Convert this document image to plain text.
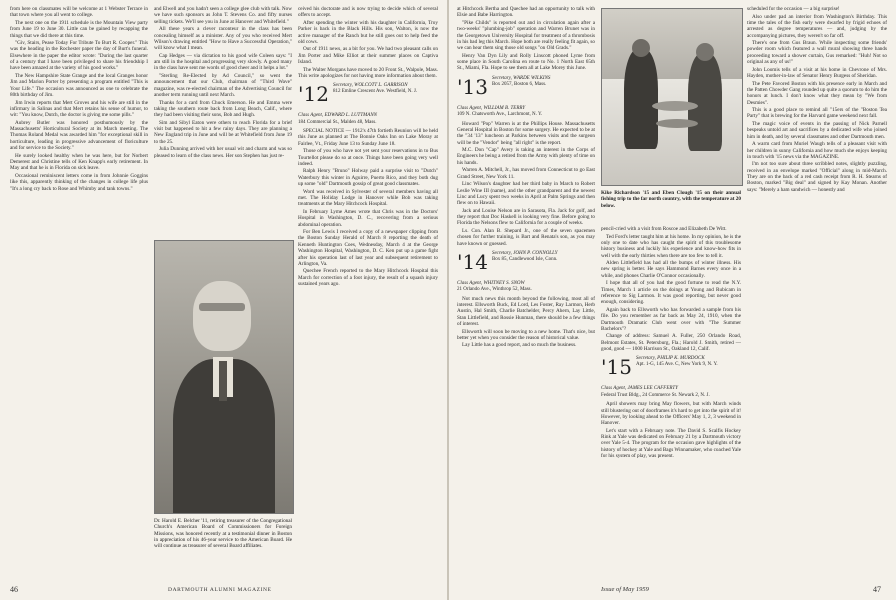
from here on classmates will be welcome at 1 Webster Terrace in that town where you all went to college.

The next one on the 1911 schedule is the Mountain View party from June 19 to June 30. Little can be gained by recapping the things that we did there at this time.

"Giv, Stairs, Pease Today For Tribute To Burt R. Cooper." This was the heading in the Rochester paper the day of Burt's funeral. Elsewhere in the paper the editor wrote: "During the last quarter of a century that I have been privileged to share his friendship I have been amazed at the variety of his good works."

The New Hampshire State Grange and the local Granges honor Jim and Marion Porter by presenting a program entitled "This is Your Life." The occasion was announced as one to celebrate the 80th birthday of Jim.

Jim Irwin reports that Mert Groves and his wife are still in the infirmary in Salinas and that Mert retains his sense of humor, to wit: "You know, Dutch, the doctor is giving me some pills."

Aubrey Butler was honored posthumously by the Massachusetts' Horticultural Society at its March meeting. The Thomas Roland Medal was awarded him "for exceptional skill in horticulture, leading in progressive advancement of floriculture and for service to the Society."

He surely looked healthy when he was here, but for Norbert Demerest and Christine tells of Ken Knapp's early retirement. In May and that he is in Florida on sick leave.

Occasional reminiscent letters come in from Johnnie Goggins like this, apparently thinking of the changes in college life plus "It's a long cry back to Rose and Whimby and tank towns."

and Elwell and you hadn't seen a college glee club with talk. Now we have such sponsors as John T. Stevens Co. and fifty nurses selling tickets. We'll see you in June at Hanover and Whitefield."

All these years a clever raconteur in the class has been concealing himself as a minister. Any of you who received Mert Wilson's drawing entitled "How to Have a Successful Operation," will know what I mean.

Cap Hedges — via dictation to his good wife Coleen says: "I am still in the hospital and progressing very slowly. A good many in the class have sent me words of good cheer and it helps a lot."

"Sterling Re-Elected by Ad Council," so went the announcement that our Club, chairman of "Third Wave" magazine, was re-elected chairman of the Advertising Council for another term running until next March.

Thanks for a card from Chuck Emerson. He and Emma were taking the southern route back from Long Beach, Calif., where they had been visiting their sons, Bob and Hugh.

Sim and Sibyl Eaton were others to reach Florida for a brief visit but happened to hit a few rainy days. They are planning a New England trip in June and will be at Whitefield from June 19 to the 25.

Julia Dunning arrived with her usual wit and charm and was so pleased to learn of the class news. Her son Stephen has just re-

Dr. Harold E. Belcher '11, retiring treasurer of the Congregational Church's American Board of Commissioners for Foreign Missions, was honored recently at a testimonial dinner in Boston in appreciation of his 46-year service to the American Board. He will continue as treasurer of several Board affiliates.

ceived his doctorate and is now trying to decide which of several offers to accept.

After spending the winter with his daughter in California, Troy Parker is back in the Black Hills. His son, Walton, is now the active manager of the Ranch but he still goes out to help feed the old cows.

Out of 1911 news, as a bit for you. We had two pleasant calls on Jim Porter and Mike Elliot at their summer places on Captiva Island.

The Walter Morgans have moved to 20 Front St., Walpole, Mass. This write apologizes for not having more information about them.

'12 Secretary, WOLCOTT L. GARRISON
812 Emline Crescent Ave. Westfield, N. J.
Class Agent, EDWARD L. LUTTMANN
184 Commercial St., Malden 48, Mass.

SPECIAL NOTICE — 1912's 47th fortieth Reunion will be held this June as planned at The Bonnie Oaks Inn on Lake Moray at Fairlee, Vt., Friday June 13 to Sunday June 18.

Those of you who have not yet sent your reservations in to Bus Tourtellot please do so at once. Things have been going very well indeed.

Ralph Henry "Bruno" Holway paid a surprise visit to "Dutch" Waterbury this winter in Aguirre, Puerto Rico, and they both dug up some "old" Dartmouth gossip of great good classmates.

Word was received in Sylvester of several members having all met. The Holiday Lodge in Hanover while Bob was taking treatments at the Mary Hitchcock Hospital.

In February Lyme Ames wrote that Chris was in the Doctors' Hospital in Washington, D. C., recovering from a serious abdominal operation.

For Ben Lewis I received a copy of a newspaper clipping from the Boston Sunday Herald of March 8 reporting the death of Kenneth Huntington Coes, Wednesday, March 4 at the George Washington Hospital, Washington, D. C. Ken put up a game fight after his operation last of last year and subsequent retirement to Arlington, Va.

Quechee French reported to the Mary Hitchcock Hospital this March for correction of a foot injury, the result of a squash injury sustained years ago.

46	DARTMOUTH ALUMNI MAGAZINE

at Hitchcock Bertha and Quechee had an opportunity to talk with Elsie and Babe Harrington.

"Pike Childs" is reported out and in circulation again after a two-weeks' "plumbing-job" operation and Warren Brunet was in the Georgetown University Hospital for treatment of a thrombosis in his bad leg this March. Hope both are really feeling fit again, so we can hear them sing those old songs "on Old Grads."

Henry Van Dyn Lily and Rolly Linscott phoned Lyme from some place in South Carolina en route to No. 1 North East 65th St., Miami, Fla. Hope to see them all at Lake Morey this June.

'13 Secretary, WARDE WILKINS
Box 2057, Boston 6, Mass.
Class Agent, WILLIAM B. TERRY
109 N. Chatsworth Ave., Larchmont, N. Y.

Howard "Pop" Warren is at the Phillips House. Massachusetts General Hospital in Boston for some surgery. He expected to be at the "34 '13" luncheon at Parkins between visits and the surgeon will be the "Vendor" being "all right" is the report.

M.C. Don "Cap" Avery is taking an interest in the Corps of Engineers he being a retired from the Army with plenty of time on his hands.

Warren A. Mitchell, Jr., has moved from Connecticut to go East Grand Street, New York 11.

Linc Wilson's daughter had her third baby in March to Robert Leslie Wine III (name), and the other grandparent and the newest Linc and Lucy spent two weeks in April at Palm Springs and then flew on to Hawaii.

Jack and Louise Nelson are in Sarasota, Fla. Jack for golf, and they report that Doc Haskell is looking very fine. Before going to Florida the Nelsons flew to California for a couple of weeks.

Ls. Con. Alan B. Shepard Jr., one of the seven spacemen chosen for further training, is Bart and Renata's son, as you may have known or guessed.

'14 Secretary, JOHN P. CONNOLLY
Box 85, Candlewood Isle, Conn.
Class Agent, WHITNEY S. SNOW
21 Orlando Ave., Winthrop 52, Mass.

Not much news this month beyond the following, most all of interest. Ellsworth Buck, Ed Lord, Les Foster, Ray Larmon, Herb Austin, Hal Smith, Charlie Batchelder, Percy Ahern, Lay Little, Stan Littlefield, and Rossie Hunman, there should be a few things of interest.

Ellsworth will soon be moving to a new home. That's nice, but better yet when you consider the reason of historical value.

Lay Little has a good report, and so much the business.

Kike Richardson '15 and Eben Clough '15 on their annual fishing trip to the far north country, with the temperature at 20 below.

pencil-cried with a visit from Roscoe and Elizabeth De Witt.

Ted Ford's letter taught him at his home. In my opinion, he is the only one to date who has caught the spirit of this troublesome history business and luckily his experience and know-how fits in well with the early thirties when there are too few to tell it.

Alden Littlefield has had all the bumps of winter illness. His new spring is better. He says Hammond Barnes every once in a while, and phones Charlie O'Connor occasionally.

I hope that all of you had the good fortune to read the N.Y. Times, March 1 article on the doings at Young and Rubicam in reference to Sig Larmon. It was good reporting, but never good enough, considering.

Again back to Ellsworth who has forwarded a sample from his file. Do you remember as far back as May 24, 1910, when the Dartmouth Dramatic Club went over with "The Summer Bachelors"?

Change of address: Samuel A. Fuller, 250 Orlando Road, Belmont Estates, St. Petersburg, Fla.; Harold J. Smith, retired — good, good — 1000 Harrison St., Oakland 12, Calif.

'15 Secretary, PHILIP K. MURDOCK
Apt. 1-G, 145 Ave. C, New York 9, N. Y.
Class Agent, JAMES LEE CAFFERTY
Federal Trust Bldg., 24 Commerce St. Newark 2, N. J.

April showers may bring May flowers, but with March winds still blustering out of doorframes it's hard to get into the spirit of it! However, by looking ahead to the Officers' May 1, 2, 3 weekend in Hanover.

Let's start with a February note. The David S. Scalfis Hockey Rink at Yale was dedicated on February 21 by a Dartmouth victory over Yale 5-4. The program for the occasion gave highlights of the history of hockey at Yale and Bags Winnamaker, who coached Yale for his system of play, was present.

scheduled for the occasion — a big surprise!

Also under pad an interior from Washington's Birthday. This time the tales of the fish early were dwarfed by frigid echoes of arrested as degree temperatures — and, judging by the accompanying pictures, they weren't so far off.

There's one from Gus Braun. While inspecting some friends' powder room which featured a wall mural showing three hands proceeding toward a shower curtain, Gus remarked: "Huh! Not so original as any of us!"

John Loomis tells of a visit at his home in Chevrone of Mrs. Hayden, mother-in-law of Senator Henry Burgess of Sheridan.

The Pete Favored Boston with his presence early in March and the Patten Chowder Gang rounded up quite a quorum to do him the honors at lunch. I don't know what they mean by "We from Desmies".

This is a good place to remind all "15ers of the "Boston Tea Party" that is brewing for the Harvard game weekend next fall.

The magic voice of events in the passing of Nick Parnell bespeaks untold art and sacrifices by a dedicated wife who joined him in death, and by several classmates and other Dartmouth men.

A warm card from Muriel Waugh tells of a pleasant visit with her children in sunny California and how much she enjoys keeping in touch with '15 news via the MAGAZINE.

I'm not too sure about three scribbled notes, slightly puzzling, received in an envelope marked "Official" along in mid-March. They are on the back of a red cash receipt from R. H. Stearns of Boston, marked "Big deal" and signed by Kay Monan. Another says: "Merely a ham sandwich — honestly and

Issue of May 1959	47
